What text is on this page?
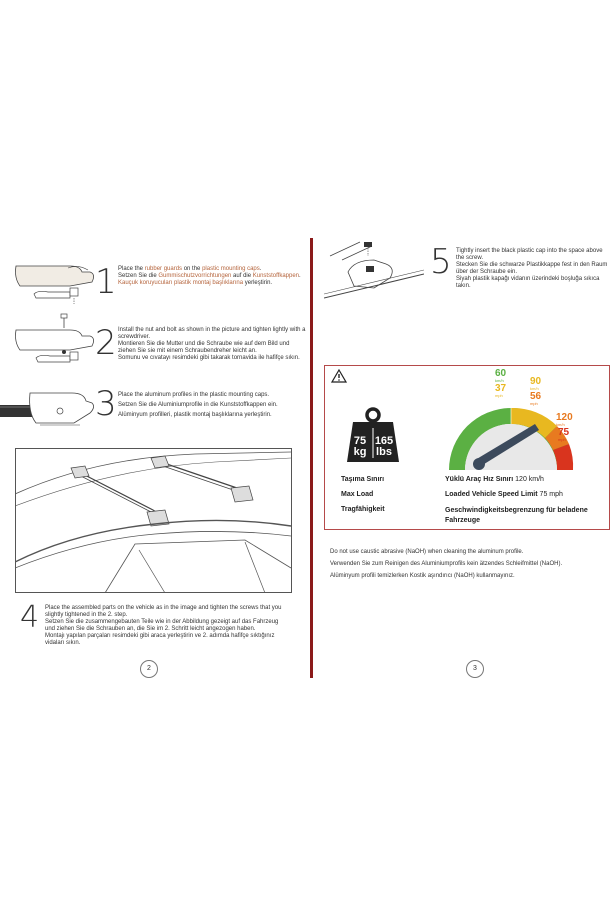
1 Place the rubber guards on the plastic mounting caps.

Setzen Sie die Gummischutzvorrichtungen auf die Kunststoffkappen.

Kauçuk koruyucuları plastik montaj başlıklarına yerleştirin.

2 Install the nut and bolt as shown in the picture and tighten lightly with a screwdriver.

Montieren Sie die Mutter und die Schraube wie auf dem Bild und ziehen Sie sie mit einem Schraubendreher leicht an.

Somunu ve cıvatayı resimdeki gibi takarak tornavida ile hafifçe sıkın.

3 Place the aluminum profiles in the plastic mounting caps.

Setzen Sie die Aluminiumprofile in die Kunststoffkappen ein.

Alüminyum profilleri, plastik montaj başlıklarına yerleştirin.

4 Place the assembled parts on the vehicle as in the image and tighten the screws that you slightly tightened in the 2. step.

Setzen Sie die zusammengebauten Teile wie in der Abbildung gezeigt auf das Fahrzeug und ziehen Sie die Schrauben an, die Sie im 2. Schritt leicht angezogen haben.

Montajı yapılan parçaları resimdeki gibi araca yerleştirin ve 2. adımda hafifçe sıktığınız vidaları sıkın.

2
5 Tightly insert the black plastic cap into the space above the screw.

Stecken Sie die schwarze Plastikkappe fest in den Raum über der Schraube ein.

Siyah plastik kapağı vidanın üzerindeki boşluğa sıkıca takın.

75
kg
165
lbs
60
km/h
37
mph
90
km/h
56
mph
120
km/h
75
mph
Taşıma Sınırı
Max Load
Tragfähigkeit
Yüklü Araç Hız Sınırı 120 km/h
Loaded Vehicle Speed Limit 75 mph
Geschwindigkeitsbegrenzung für beladene Fahrzeuge
Do not use caustic abrasive (NaOH) when cleaning the aluminum profile.
Verwenden Sie zum Reinigen des Aluminiumprofils kein ätzendes Schleifmittel (NaOH).
Alüminyum profili temizlerken Kostik aşındırıcı (NaOH) kullanmayınız.
3
